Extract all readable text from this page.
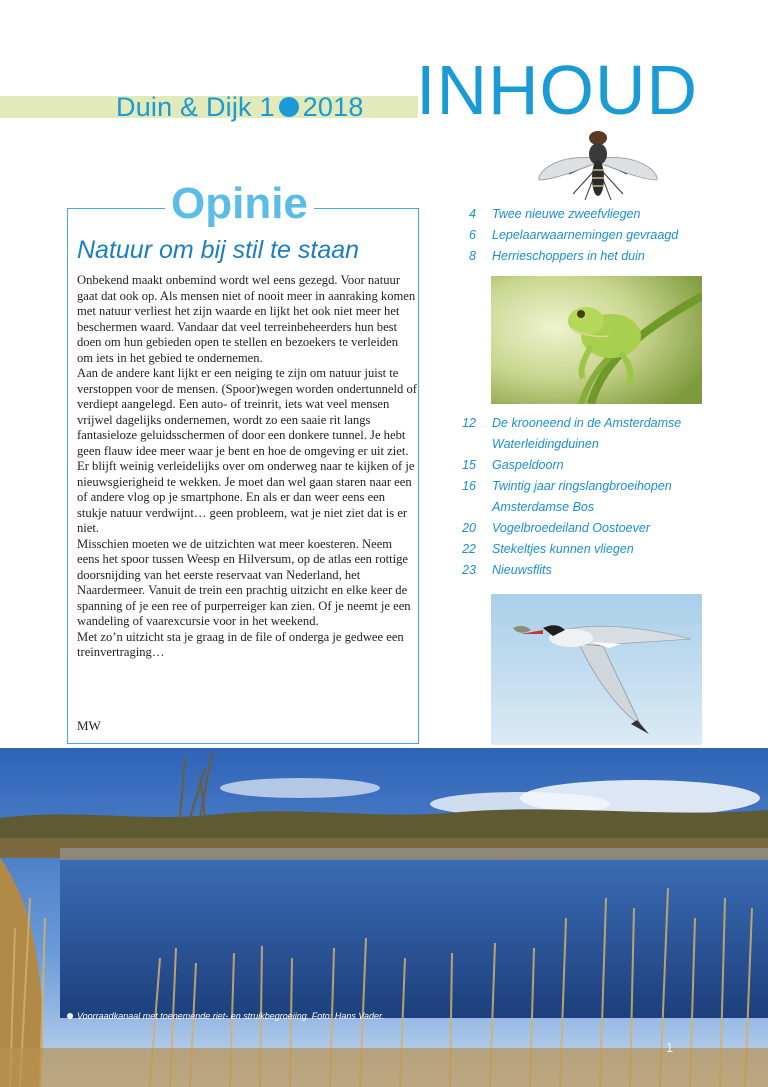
Duin & Dijk 1 2018 INHOUD
Opinie
Natuur om bij stil te staan

Onbekend maakt onbemind wordt wel eens gezegd. Voor natuur gaat dat ook op. Als mensen niet of nooit meer in aanraking komen met natuur verliest het zijn waarde en lijkt het ook niet meer het beschermen waard. Vandaar dat veel terreinbeheerders hun best doen om hun gebieden open te stellen en bezoekers te verleiden om iets in het gebied te ondernemen.

Aan de andere kant lijkt er een neiging te zijn om natuur juist te verstoppen voor de mensen. (Spoor)wegen worden ondertunneld of verdiept aangelegd. Een auto- of treinrit, iets wat veel mensen vrijwel dagelijks ondernemen, wordt zo een saaie rit langs fantasieloze geluidsschermen of door een donkere tunnel. Je hebt geen flauw idee meer waar je bent en hoe de omgeving er uit ziet. Er blijft weinig verleidelijks over om onderweg naar te kijken of je nieuwsgierigheid te wekken. Je moet dan wel gaan staren naar een of andere vlog op je smartphone. En als er dan weer eens een stukje natuur verdwijnt… geen probleem, wat je niet ziet dat is er niet.

Misschien moeten we de uitzichten wat meer koesteren. Neem eens het spoor tussen Weesp en Hilversum, op de atlas een rottige doorsnijding van het eerste reservaat van Nederland, het Naardermeer. Vanuit de trein een prachtig uitzicht en elke keer de spanning of je een ree of purperreiger kan zien. Of je neemt je een wandeling of vaarexcursie voor in het weekend.

Met zo’n uitzicht sta je graag in de file of onderga je gedwee een treinvertraging…

MW
4 Twee nieuwe zweefvliegen
6 Lepelaarwaarnemingen gevraagd
8 Herrieschoppers in het duin
12 De krooneend in de Amsterdamse Waterleidingduinen
15 Gaspeldoorn
16 Twintig jaar ringslangbroeihopen Amsterdamse Bos
20 Vogelbroedeiland Oostoever
22 Stekeltjes kunnen vliegen
23 Nieuwsflits
Voorraadkanaal met toenemende riet- en struikbegroeiing. Foto: Hans Vader.
1
